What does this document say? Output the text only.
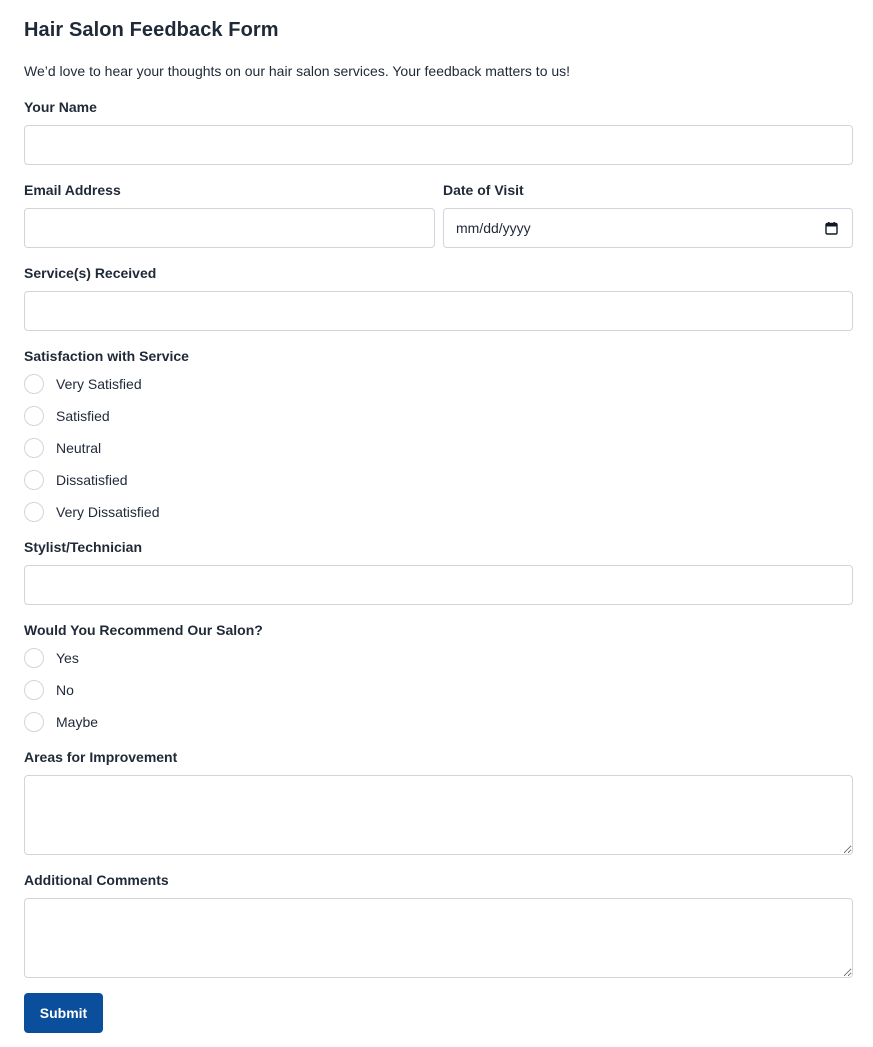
Hair Salon Feedback Form

We’d love to hear your thoughts on our hair salon services. Your feedback matters to us!

Your Name
Email Address	Date of Visit
mm/dd/yyyy
Service(s) Received
Satisfaction with Service
Very Satisfied
Satisfied
Neutral
Dissatisfied
Very Dissatisfied
Stylist/Technician
Would You Recommend Our Salon?
Yes
No
Maybe
Areas for Improvement
Additional Comments
Submit
